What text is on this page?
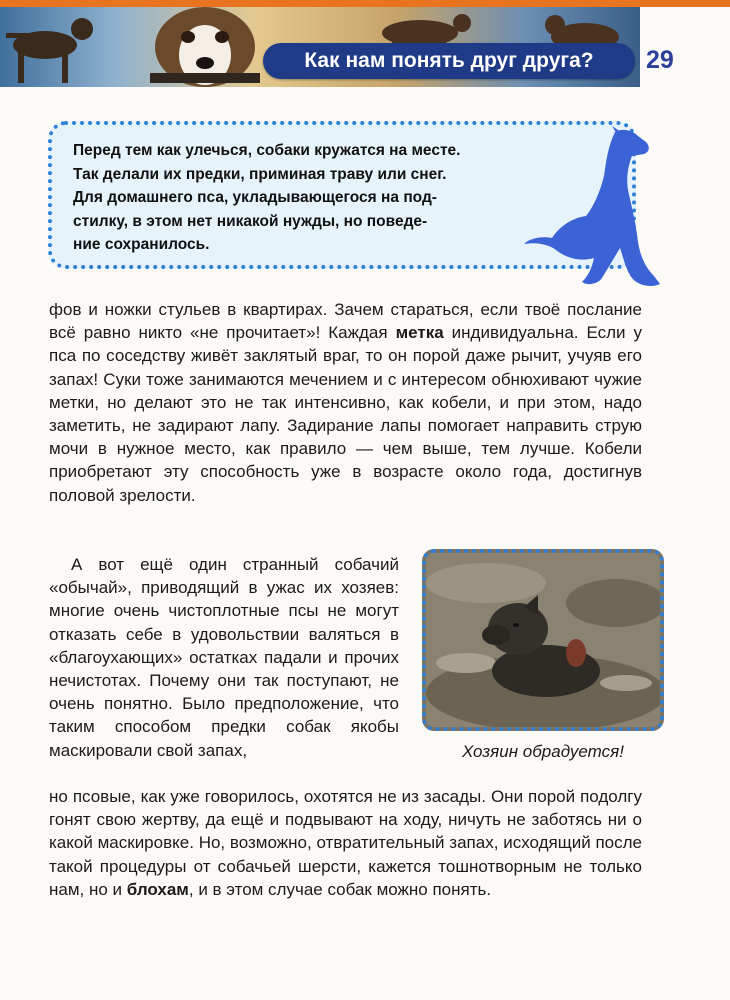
Как нам понять друг друга? 29

Перед тем как улечься, собаки кружатся на месте.

Так делали их предки, приминая траву или снег.

Для домашнего пса, укладывающегося на под-

стилку, в этом нет никакой нужды, но поведе-

ние сохранилось.

фов и ножки стульев в квартирах. Зачем стараться, если твоё послание всё равно никто «не прочитает»! Каждая метка индивидуальна. Если у пса по соседству живёт заклятый враг, то он порой даже рычит, учуяв его запах! Суки тоже занимаются мечением и с интересом обнюхивают чужие метки, но делают это не так интенсивно, как кобели, и при этом, надо заметить, не задирают лапу. Задирание лапы помогает направить струю мочи в нужное место, как правило — чем выше, тем лучше. Кобели приобретают эту способность уже в возрасте около года, достигнув половой зрелости.

А вот ещё один странный собачий «обычай», приводящий в ужас их хозяев: многие очень чистоплотные псы не могут отказать себе в удовольствии валяться в «благоухающих» остатках падали и прочих нечистотах. Почему они так поступают, не очень понятно. Было предположение, что таким способом предки собак якобы маскировали свой запах,	Хозяин обрадуется!

но псовые, как уже говорилось, охотятся не из засады. Они порой подолгу гонят свою жертву, да ещё и подвывают на ходу, ничуть не заботясь ни о какой маскировке. Но, возможно, отвратительный запах, исходящий после такой процедуры от собачьей шерсти, кажется тошнотворным не только нам, но и блохам, и в этом случае собак можно понять.
